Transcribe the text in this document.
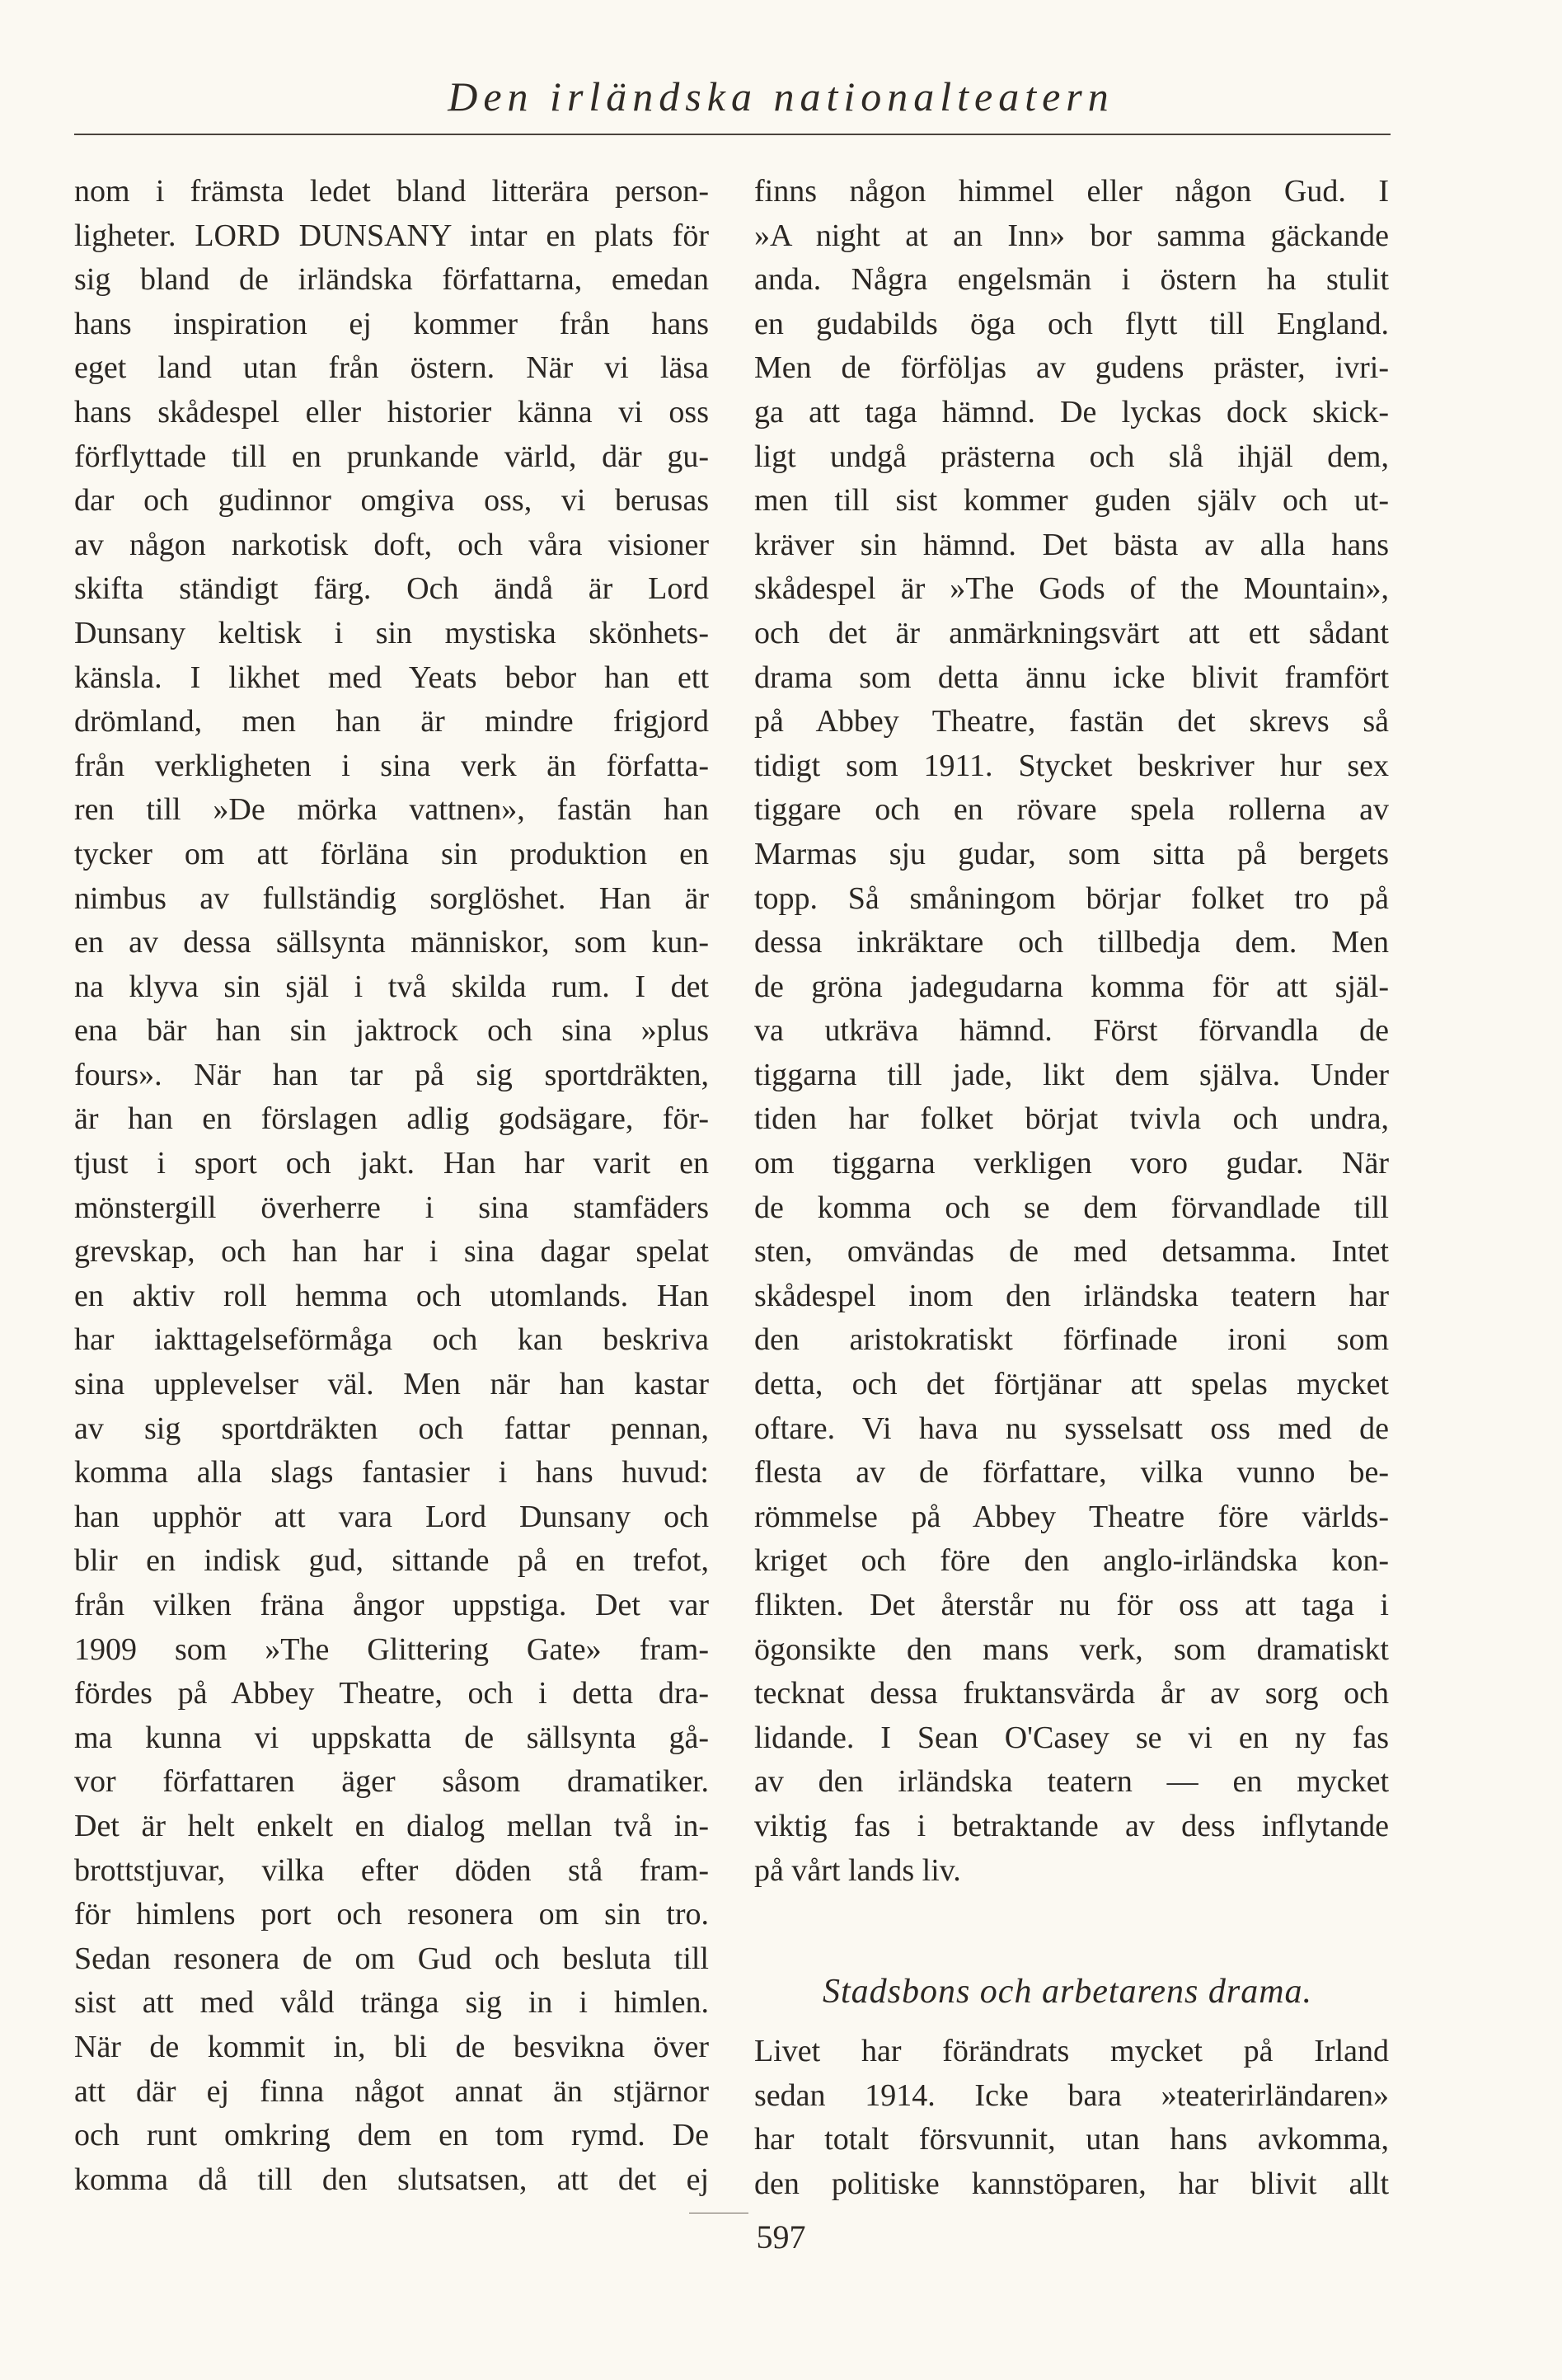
Den irländska nationalteatern
nom i främsta ledet bland litterära person-
ligheter. LORD DUNSANY intar en plats för
sig bland de irländska författarna, emedan
hans inspiration ej kommer från hans
eget land utan från östern. När vi läsa
hans skådespel eller historier känna vi oss
förflyttade till en prunkande värld, där gu-
dar och gudinnor omgiva oss, vi berusas
av någon narkotisk doft, och våra visioner
skifta ständigt färg. Och ändå är Lord
Dunsany keltisk i sin mystiska skönhets-
känsla. I likhet med Yeats bebor han ett
drömland, men han är mindre frigjord
från verkligheten i sina verk än författa-
ren till »De mörka vattnen», fastän han
tycker om att förläna sin produktion en
nimbus av fullständig sorglöshet. Han är
en av dessa sällsynta människor, som kun-
na klyva sin själ i två skilda rum. I det
ena bär han sin jaktrock och sina »plus
fours». När han tar på sig sportdräkten,
är han en förslagen adlig godsägare, för-
tjust i sport och jakt. Han har varit en
mönstergill överherre i sina stamfäders
grevskap, och han har i sina dagar spelat
en aktiv roll hemma och utomlands. Han
har iakttagelseförmåga och kan beskriva
sina upplevelser väl. Men när han kastar
av sig sportdräkten och fattar pennan,
komma alla slags fantasier i hans huvud:
han upphör att vara Lord Dunsany och
blir en indisk gud, sittande på en trefot,
från vilken fräna ångor uppstiga. Det var
1909 som »The Glittering Gate» fram-
fördes på Abbey Theatre, och i detta dra-
ma kunna vi uppskatta de sällsynta gå-
vor författaren äger såsom dramatiker.
Det är helt enkelt en dialog mellan två in-
brottstjuvar, vilka efter döden stå fram-
för himlens port och resonera om sin tro.
Sedan resonera de om Gud och besluta till
sist att med våld tränga sig in i himlen.
När de kommit in, bli de besvikna över
att där ej finna något annat än stjärnor
och runt omkring dem en tom rymd. De
komma då till den slutsatsen, att det ej
finns någon himmel eller någon Gud. I
»A night at an Inn» bor samma gäckande
anda. Några engelsmän i östern ha stulit
en gudabilds öga och flytt till England.
Men de förföljas av gudens präster, ivri-
ga att taga hämnd. De lyckas dock skick-
ligt undgå prästerna och slå ihjäl dem,
men till sist kommer guden själv och ut-
kräver sin hämnd. Det bästa av alla hans
skådespel är »The Gods of the Mountain»,
och det är anmärkningsvärt att ett sådant
drama som detta ännu icke blivit framfört
på Abbey Theatre, fastän det skrevs så
tidigt som 1911. Stycket beskriver hur sex
tiggare och en rövare spela rollerna av
Marmas sju gudar, som sitta på bergets
topp. Så småningom börjar folket tro på
dessa inkräktare och tillbedja dem. Men
de gröna jadegudarna komma för att själ-
va utkräva hämnd. Först förvandla de
tiggarna till jade, likt dem själva. Under
tiden har folket börjat tvivla och undra,
om tiggarna verkligen voro gudar. När
de komma och se dem förvandlade till
sten, omvändas de med detsamma. Intet
skådespel inom den irländska teatern har
den aristokratiskt förfinade ironi som
detta, och det förtjänar att spelas mycket
oftare. Vi hava nu sysselsatt oss med de
flesta av de författare, vilka vunno be-
römmelse på Abbey Theatre före världs-
kriget och före den anglo-irländska kon-
flikten. Det återstår nu för oss att taga i
ögonsikte den mans verk, som dramatiskt
tecknat dessa fruktansvärda år av sorg och
lidande. I Sean O'Casey se vi en ny fas
av den irländska teatern — en mycket
viktig fas i betraktande av dess inflytande
på vårt lands liv.
Stadsbons och arbetarens drama.
Livet har förändrats mycket på Irland
sedan 1914. Icke bara »teaterirländaren»
har totalt försvunnit, utan hans avkomma,
den politiske kannstöparen, har blivit allt
597
